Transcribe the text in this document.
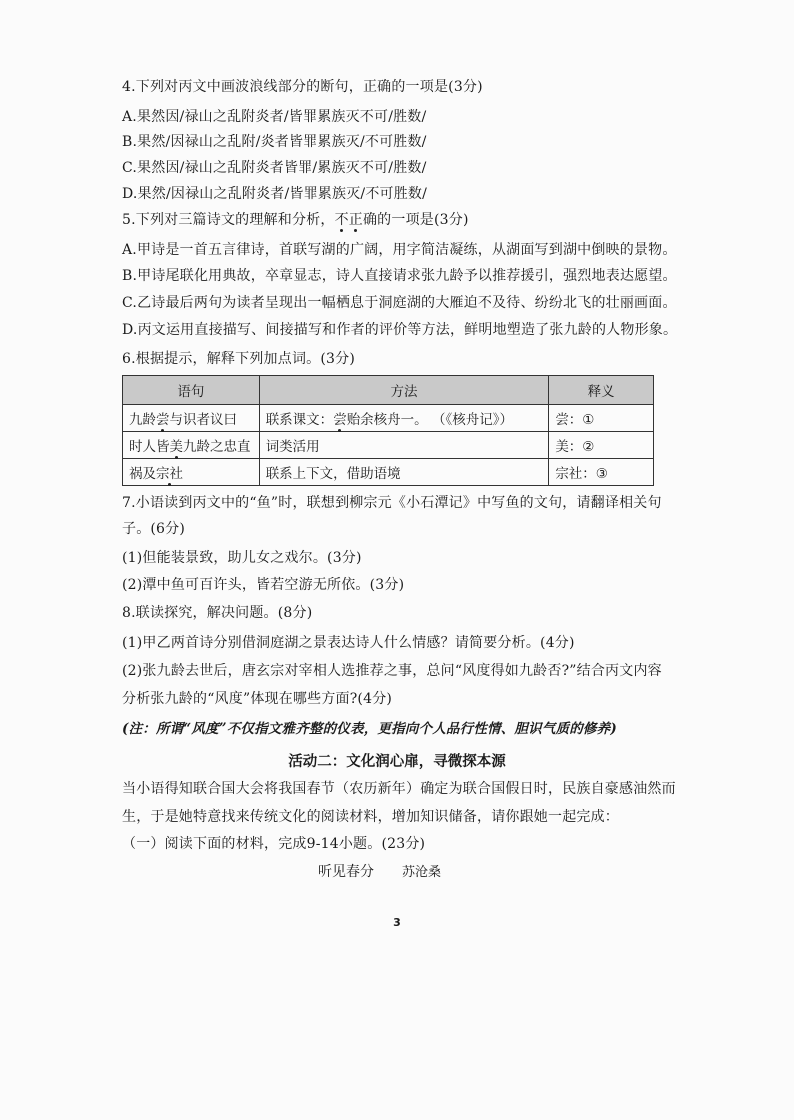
4.下列对丙文中画波浪线部分的断句，正确的一项是(3分)
A.果然因/禄山之乱附炎者/皆罪累族灭不可/胜数/
B.果然/因禄山之乱附/炎者皆罪累族灭/不可胜数/
C.果然因/禄山之乱附炎者皆罪/累族灭不可/胜数/
D.果然/因禄山之乱附炎者/皆罪累族灭/不可胜数/
5.下列对三篇诗文的理解和分析，不正确的一项是(3分)
A.甲诗是一首五言律诗，首联写湖的广阔，用字简洁凝练，从湖面写到湖中倒映的景物。
B.甲诗尾联化用典故，卒章显志，诗人直接请求张九龄予以推荐援引，强烈地表达愿望。
C.乙诗最后两句为读者呈现出一幅栖息于洞庭湖的大雁迫不及待、纷纷北飞的壮丽画面。
D.丙文运用直接描写、间接描写和作者的评价等方法，鲜明地塑造了张九龄的人物形象。
6.根据提示，解释下列加点词。(3分)
语句	方法	释义
九龄尝与识者议曰	联系课文：尝贻余核舟一。 （《核舟记》）	尝：①
时人皆美九龄之忠直	词类活用	美：②
祸及宗社	联系上下文，借助语境	宗社：③
7.小语读到丙文中的“鱼”时，联想到柳宗元《小石潭记》中写鱼的文句，请翻译相关句
子。(6分)
(1)但能装景致，助儿女之戏尔。(3分)
(2)潭中鱼可百许头，皆若空游无所依。(3分)
8.联读探究，解决问题。(8分)
(1)甲乙两首诗分别借洞庭湖之景表达诗人什么情感？请简要分析。(4分)
(2)张九龄去世后，唐玄宗对宰相人选推荐之事，总问“风度得如九龄否?”结合丙文内容
分析张九龄的“风度”体现在哪些方面?(4分)
(注：所谓“风度”不仅指文雅齐整的仪表，更指向个人品行性情、胆识气质的修养)
活动二：文化润心扉，寻微探本源
当小语得知联合国大会将我国春节（农历新年）确定为联合国假日时，民族自豪感油然而
生，于是她特意找来传统文化的阅读材料，增加知识储备，请你跟她一起完成：
（一）阅读下面的材料，完成9-14小题。(23分)
听见春分 苏沧桑
3
